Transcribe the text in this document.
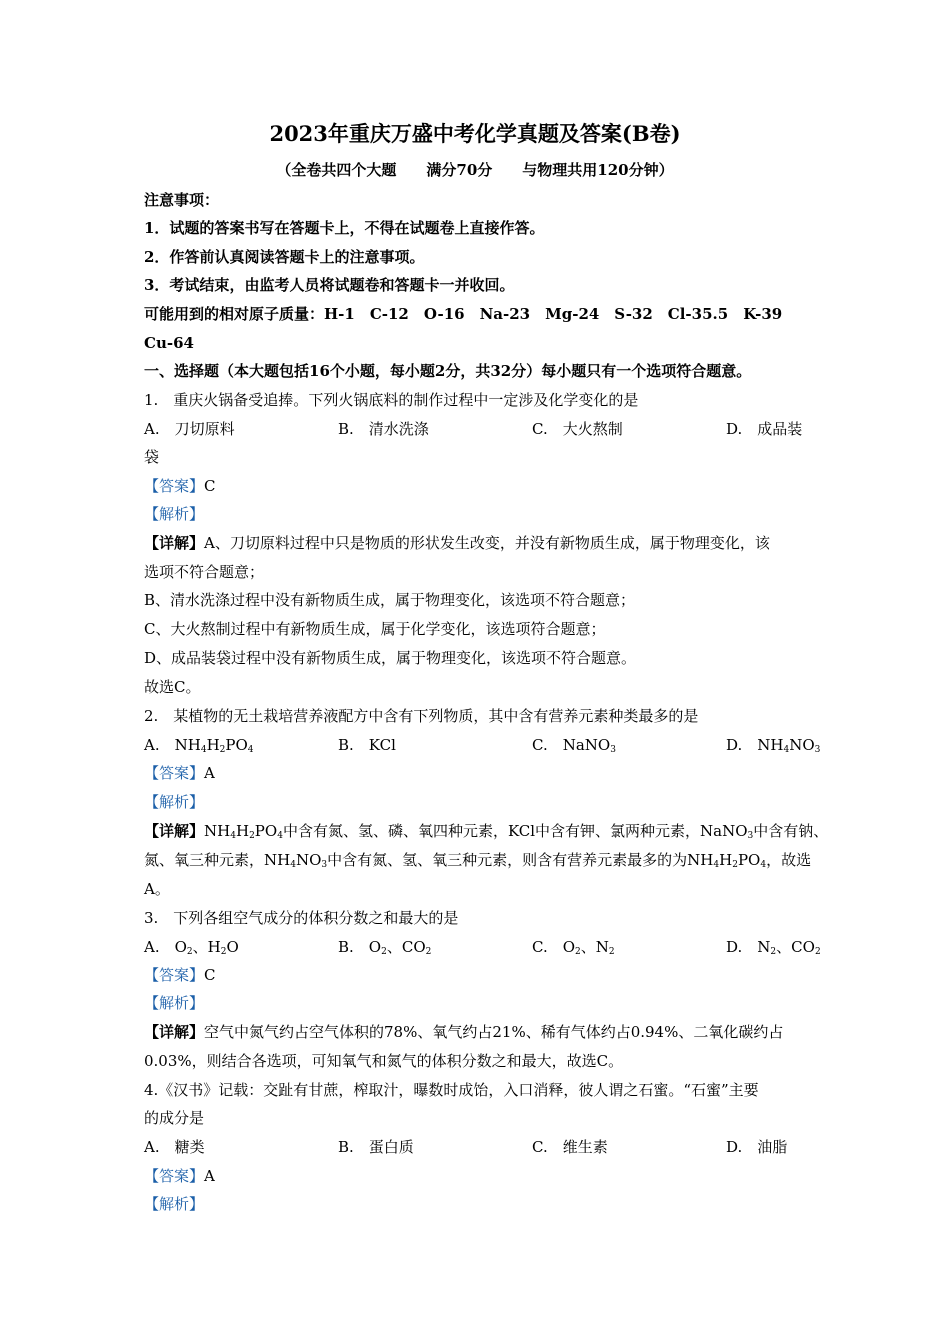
2023年重庆万盛中考化学真题及答案(B卷)
（全卷共四个大题　　满分70分　　与物理共用120分钟）
注意事项：
1．试题的答案书写在答题卡上，不得在试题卷上直接作答。
2．作答前认真阅读答题卡上的注意事项。
3．考试结束，由监考人员将试题卷和答题卡一并收回。
可能用到的相对原子质量：H-1　C-12　O-16　Na-23　Mg-24　S-32　Cl-35.5　K-39
Cu-64
一、选择题（本大题包括16个小题，每小题2分，共32分）每小题只有一个选项符合题意。
1.　重庆火锅备受追捧。下列火锅底料的制作过程中一定涉及化学变化的是
A.　刀切原料	B.　清水洗涤	C.　大火熬制	D.　成品装
袋
【答案】C
【解析】
【详解】A、刀切原料过程中只是物质的形状发生改变，并没有新物质生成，属于物理变化，该
选项不符合题意；
B、清水洗涤过程中没有新物质生成，属于物理变化，该选项不符合题意；
C、大火熬制过程中有新物质生成，属于化学变化，该选项符合题意；
D、成品装袋过程中没有新物质生成，属于物理变化，该选项不符合题意。
故选C。
2.　某植物的无土栽培营养液配方中含有下列物质，其中含有营养元素种类最多的是
A.　$NH_4H_2PO_4$	B.　KCl	C.　NaNO$_3$	D.　$NH_4NO_3$
【答案】A
【解析】
【详解】$NH_4H_2PO_4$中含有氮、氢、磷、氧四种元素，KCl中含有钾、氯两种元素，NaNO$_3$中含有钠、
氮、氧三种元素，$NH_4NO_3$中含有氮、氢、氧三种元素，则含有营养元素最多的为$NH_4H_2PO_4$，故选
A。
3.　下列各组空气成分的体积分数之和最大的是
A.　$O_2$、$H_2O$	B.　$O_2$、$CO_2$	C.　$O_2$、$N_2$	D.　$N_2$、$CO_2$
【答案】C
【解析】
【详解】空气中氮气约占空气体积的78%、氧气约占21%、稀有气体约占0.94%、二氧化碳约占
0.03%，则结合各选项，可知氧气和氮气的体积分数之和最大，故选C。
4.《汉书》记载：交趾有甘蔗，榨取汁，曝数时成饴，入口消释，彼人谓之石蜜。“石蜜”主要
的成分是
A.　糖类	B.　蛋白质	C.　维生素	D.　油脂
【答案】A
【解析】
